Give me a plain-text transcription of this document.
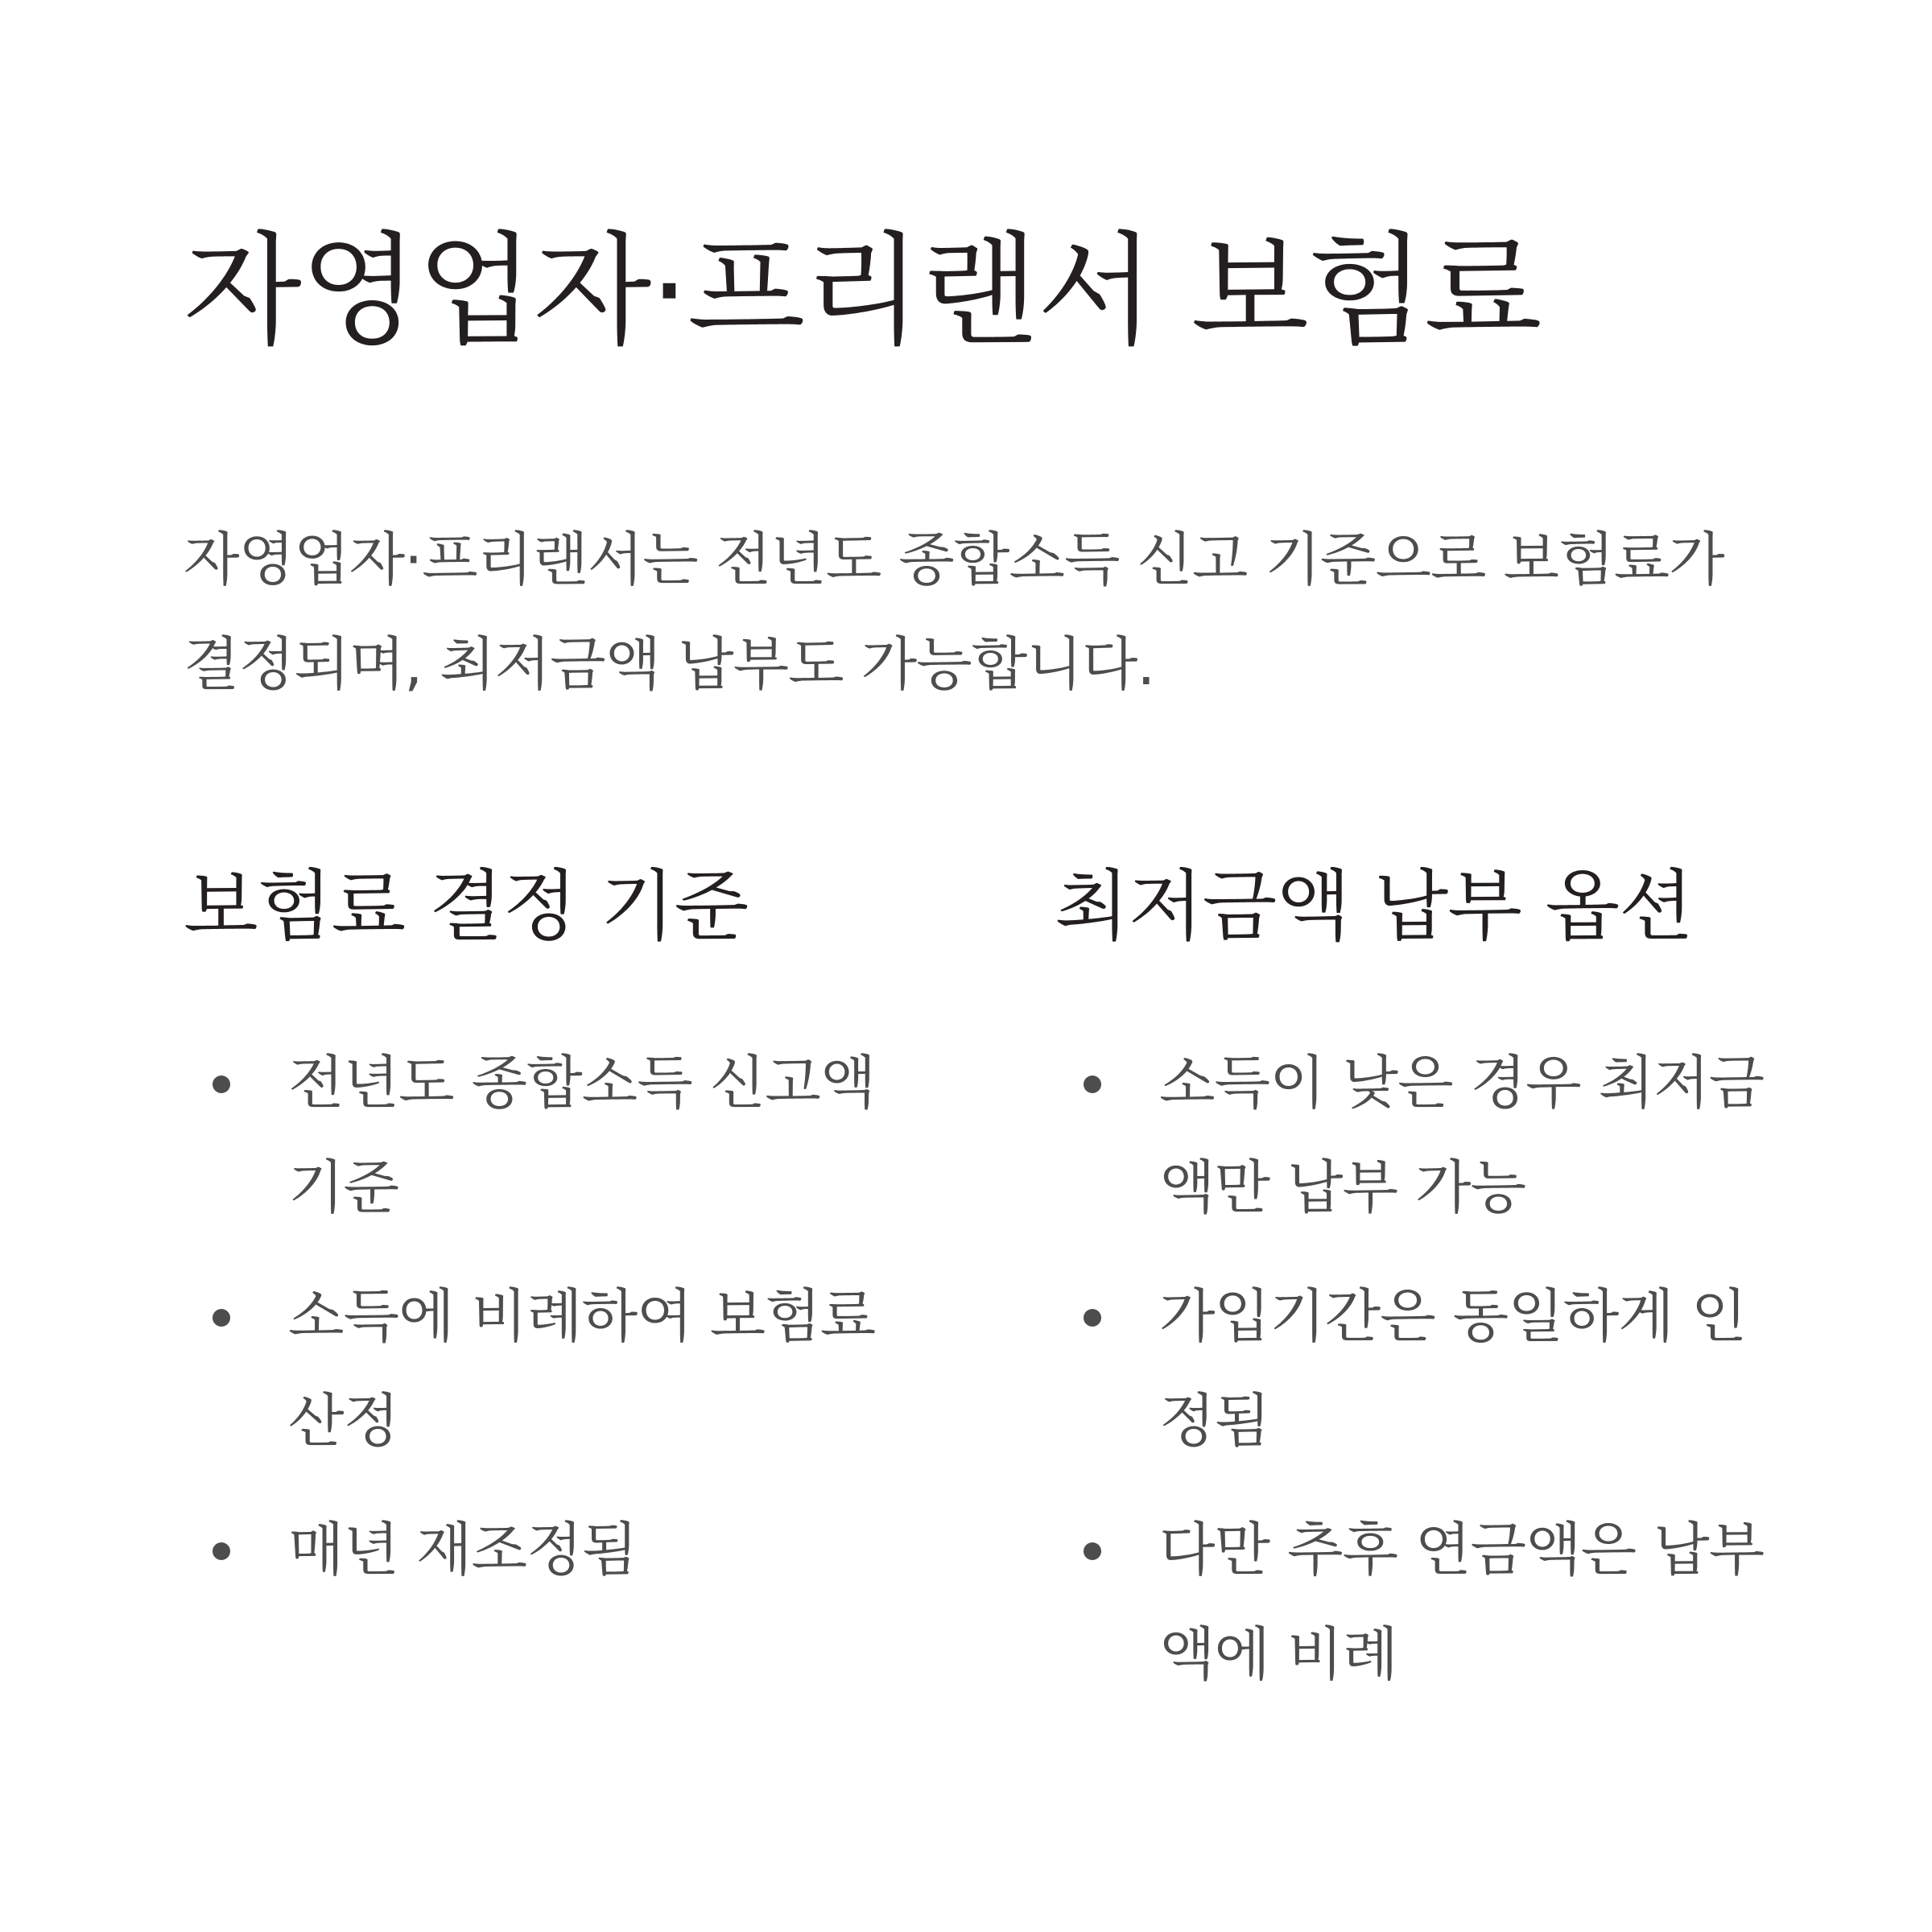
자영업자·프리랜서 보험료

자영업자·프리랜서는 전년도 종합소득 신고 기준으로 보험료가 결정되며, 최저금액 납부도 가능합니다.

보험료 결정 기준
전년도 종합소득 신고액 기준
소득에 비례하여 보험료 산정
매년 재조정됨
최저금액 납부 옵션
소득이 낮은 경우 최저금액만 납부 가능
가입기간은 동일하게 인정됨
다만 추후 연금액은 납부액에 비례
